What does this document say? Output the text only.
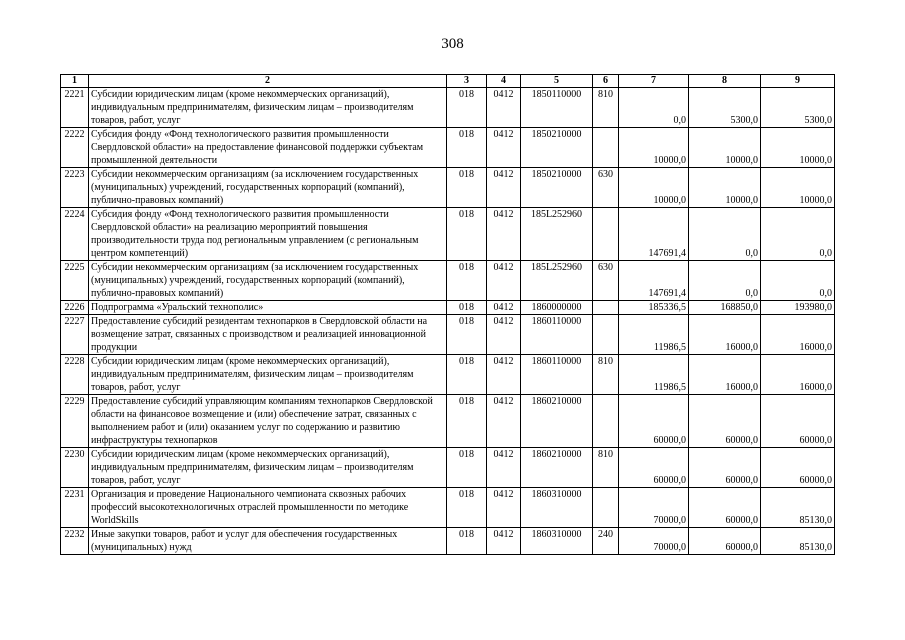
308
1	2	3	4	5	6	7	8	9
2221	Субсидии юридическим лицам (кроме некоммерческих организаций), индивидуальным предпринимателям, физическим лицам – производителям товаров, работ, услуг	018	0412	1850110000	810	0,0	5300,0	5300,0
2222	Субсидия фонду «Фонд технологического развития промышленности Свердловской области» на предоставление финансовой поддержки субъектам промышленной деятельности	018	0412	1850210000		10000,0	10000,0	10000,0
2223	Субсидии некоммерческим организациям (за исключением государственных (муниципальных) учреждений, государственных корпораций (компаний), публично-правовых компаний)	018	0412	1850210000	630	10000,0	10000,0	10000,0
2224	Субсидия фонду «Фонд технологического развития промышленности Свердловской области» на реализацию мероприятий повышения производительности труда под региональным управлением (с региональным центром компетенций)	018	0412	185L252960		147691,4	0,0	0,0
2225	Субсидии некоммерческим организациям (за исключением государственных (муниципальных) учреждений, государственных корпораций (компаний), публично-правовых компаний)	018	0412	185L252960	630	147691,4	0,0	0,0
2226	Подпрограмма «Уральский технополис»	018	0412	1860000000		185336,5	168850,0	193980,0
2227	Предоставление субсидий резидентам технопарков в Свердловской области на возмещение затрат, связанных с производством и реализацией инновационной продукции	018	0412	1860110000		11986,5	16000,0	16000,0
2228	Субсидии юридическим лицам (кроме некоммерческих организаций), индивидуальным предпринимателям, физическим лицам – производителям товаров, работ, услуг	018	0412	1860110000	810	11986,5	16000,0	16000,0
2229	Предоставление субсидий управляющим компаниям технопарков Свердловской области на финансовое возмещение и (или) обеспечение затрат, связанных с выполнением работ и (или) оказанием услуг по содержанию и развитию инфраструктуры технопарков	018	0412	1860210000		60000,0	60000,0	60000,0
2230	Субсидии юридическим лицам (кроме некоммерческих организаций), индивидуальным предпринимателям, физическим лицам – производителям товаров, работ, услуг	018	0412	1860210000	810	60000,0	60000,0	60000,0
2231	Организация и проведение Национального чемпионата сквозных рабочих профессий высокотехнологичных отраслей промышленности по методике WorldSkills	018	0412	1860310000		70000,0	60000,0	85130,0
2232	Иные закупки товаров, работ и услуг для обеспечения государственных (муниципальных) нужд	018	0412	1860310000	240	70000,0	60000,0	85130,0
